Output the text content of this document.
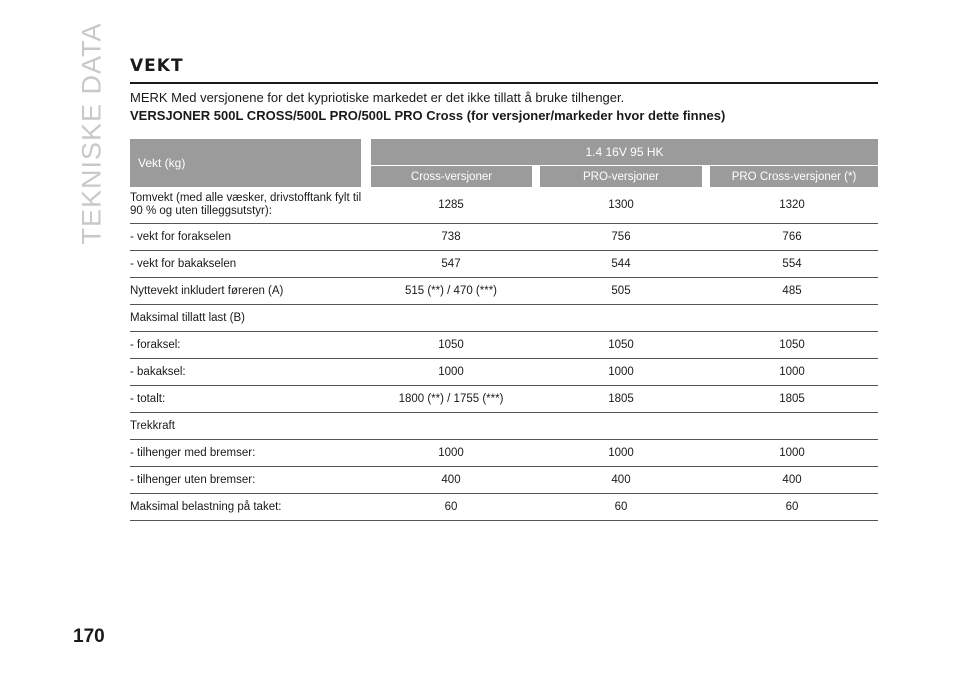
TEKNISKE DATA VEKT
MERK Med versjonene for det kypriotiske markedet er det ikke tillatt å bruke tilhenger.
VERSJONER 500L CROSS/500L PRO/500L PRO Cross (for versjoner/markeder hvor dette finnes)
Vekt (kg)	1.4 16V 95 HK		
	Cross-versjoner	PRO-versjoner	PRO Cross-versjoner (*)

Tomvekt (med alle væsker, drivstofftank fylt til 90 % og uten tilleggsutstyr):	1285	1300	1320
- vekt for forakselen	738	756	766
- vekt for bakakselen	547	544	554
Nyttevekt inkludert føreren (A)	515 (**) / 470 (***)	505	485
Maksimal tillatt last (B)			
- foraksel:	1050	1050	1050
- bakaksel:	1000	1000	1000
- totalt:	1800 (**) / 1755 (***)	1805	1805
Trekkraft			
- tilhenger med bremser:	1000	1000	1000
- tilhenger uten bremser:	400	400	400
Maksimal belastning på taket:	60	60	60
170
